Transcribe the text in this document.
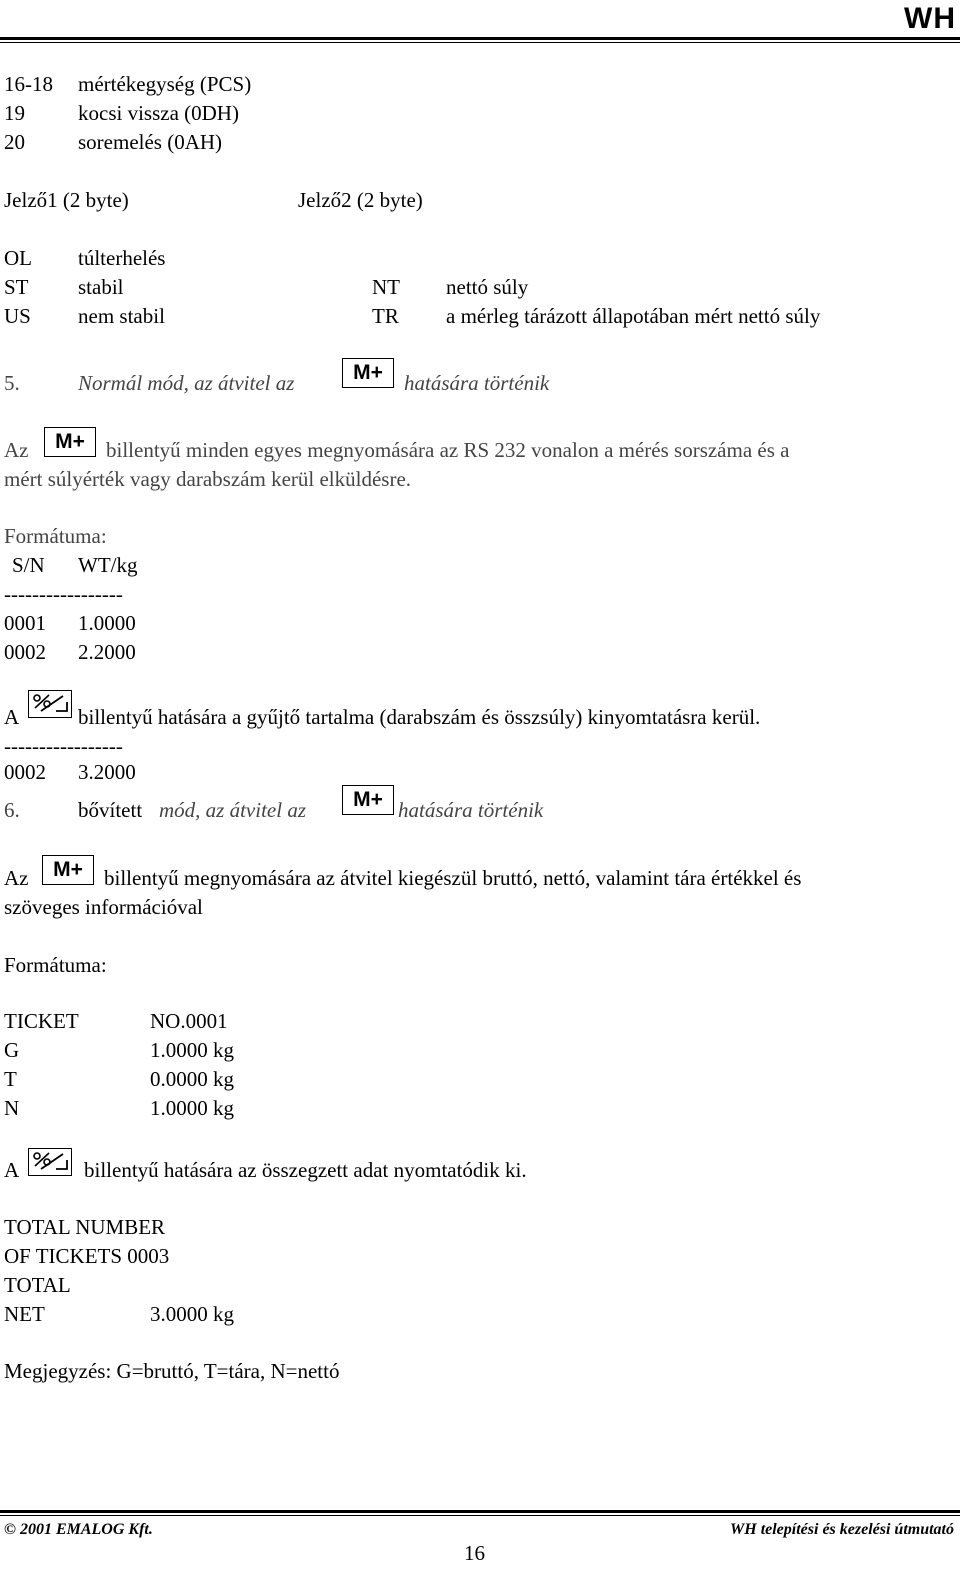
WH
16-18 mértékegység (PCS)
19	kocsi vissza (0DH)
20	soremelés (0AH)
Jelző1 (2 byte)	Jelző2 (2 byte)
OL túlterhelés
ST stabil	NT nettó súly
US nem stabil	TR a mérleg tárázott állapotában mért nettó súly
5.	Normál mód, az átvitel az	M+	hatására történik
Az	M+	billentyű minden egyes megnyomására az RS 232 vonalon a mérés sorszáma és a
mért súlyérték vagy darabszám kerül elküldésre.
Formátuma:
S/N WT/kg
-----------------
0001 1.0000
0002 2.2000
A	billentyű hatására a gyűjtő tartalma (darabszám és összsúly) kinyomtatásra kerül.
-----------------
0002 3.2000
6.	bővített mód, az átvitel az	M+ hatására történik
Az	M+	billentyű megnyomására az átvitel kiegészül bruttó, nettó, valamint tára értékkel és
szöveges információval
Formátuma:
TICKET	NO.0001
G	1.0000 kg
T	0.0000 kg
N	1.0000 kg
A	billentyű hatására az összegzett adat nyomtatódik ki.
TOTAL NUMBER
OF TICKETS 0003
TOTAL
NET	3.0000 kg
Megjegyzés: G=bruttó, T=tára, N=nettó
© 2001 EMALOG Kft.	WH telepítési és kezelési útmutató
16
